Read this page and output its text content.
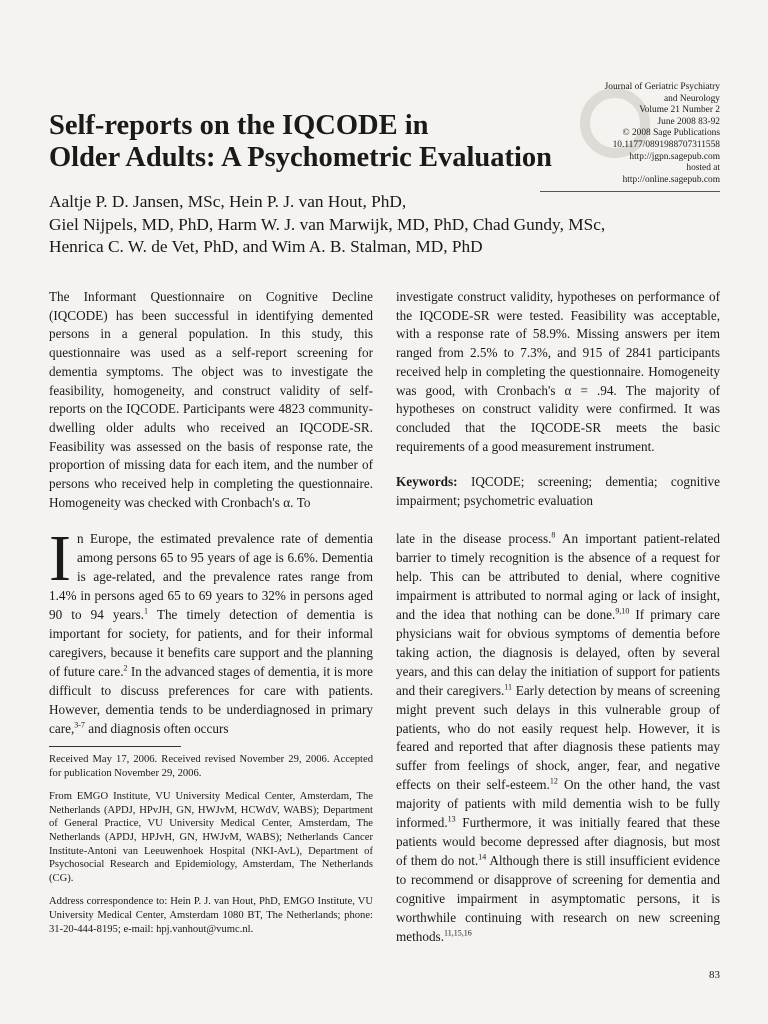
Journal of Geriatric Psychiatry
and Neurology
Volume 21 Number 2
June 2008 83-92
© 2008 Sage Publications
10.1177/0891988707311558
http://jgpn.sagepub.com
hosted at
http://online.sagepub.com
Self-reports on the IQCODE in
Older Adults: A Psychometric Evaluation
Aaltje P. D. Jansen, MSc, Hein P. J. van Hout, PhD,
Giel Nijpels, MD, PhD, Harm W. J. van Marwijk, MD, PhD, Chad Gundy, MSc,
Henrica C. W. de Vet, PhD, and Wim A. B. Stalman, MD, PhD
The Informant Questionnaire on Cognitive Decline (IQCODE) has been successful in identifying demented persons in a general population. In this study, this questionnaire was used as a self-report screening for dementia symptoms. The object was to investigate the feasibility, homogeneity, and construct validity of self-reports on the IQCODE. Participants were 4823 community-dwelling older adults who received an IQCODE-SR. Feasibility was assessed on the basis of response rate, the proportion of missing data for each item, and the number of persons who received help in completing the questionnaire. Homogeneity was checked with Cronbach's α. To
investigate construct validity, hypotheses on performance of the IQCODE-SR were tested. Feasibility was acceptable, with a response rate of 58.9%. Missing answers per item ranged from 2.5% to 7.3%, and 915 of 2841 participants received help in completing the questionnaire. Homogeneity was good, with Cronbach's α = .94. The majority of hypotheses on construct validity were confirmed. It was concluded that the IQCODE-SR meets the basic requirements of a good measurement instrument.
Keywords: IQCODE; screening; dementia; cognitive impairment; psychometric evaluation
In Europe, the estimated prevalence rate of dementia among persons 65 to 95 years of age is 6.6%. Dementia is age-related, and the prevalence rates range from 1.4% in persons aged 65 to 69 years to 32% in persons aged 90 to 94 years.$^1$ The timely detection of dementia is important for society, for patients, and for their informal caregivers, because it benefits care support and the planning of future care.$^2$ In the advanced stages of dementia, it is more difficult to discuss preferences for care with patients. However, dementia tends to be underdiagnosed in primary care,$^{3-7}$ and diagnosis often occurs
late in the disease process.$^8$ An important patient-related barrier to timely recognition is the absence of a request for help. This can be attributed to denial, where cognitive impairment is attributed to normal aging or lack of insight, and the idea that nothing can be done.$^{9,10}$ If primary care physicians wait for obvious symptoms of dementia before taking action, the diagnosis is delayed, often by several years, and this can delay the initiation of support for patients and their caregivers.$^{11}$ Early detection by means of screening might prevent such delays in this vulnerable group of patients, who do not easily request help. However, it is feared and reported that after diagnosis these patients may suffer from feelings of shock, anger, fear, and negative effects on their self-esteem.$^{12}$ On the other hand, the vast majority of patients with mild dementia wish to be fully informed.$^{13}$ Furthermore, it was initially feared that these patients would become depressed after diagnosis, but most of them do not.$^{14}$ Although there is still insufficient evidence to recommend or disapprove of screening for dementia and cognitive impairment in asymptomatic persons, it is worthwhile continuing with research on new screening methods.$^{11,15,16}$

Received May 17, 2006. Received revised November 29, 2006. Accepted for publication November 29, 2006.

From EMGO Institute, VU University Medical Center, Amsterdam, The Netherlands (APDJ, HPvJH, GN, HWJvM, HCWdV, WABS); Department of General Practice, VU University Medical Center, Amsterdam, The Netherlands (APDJ, HPJvH, GN, HWJvM, WABS); Netherlands Cancer Institute-Antoni van Leeuwenhoek Hospital (NKI-AvL), Department of Psychosocial Research and Epidemiology, Amsterdam, The Netherlands (CG).

Address correspondence to: Hein P. J. van Hout, PhD, EMGO Institute, VU University Medical Center, Amsterdam 1080 BT, The Netherlands; phone: 31-20-444-8195; e-mail: hpj.vanhout@vumc.nl.

83
